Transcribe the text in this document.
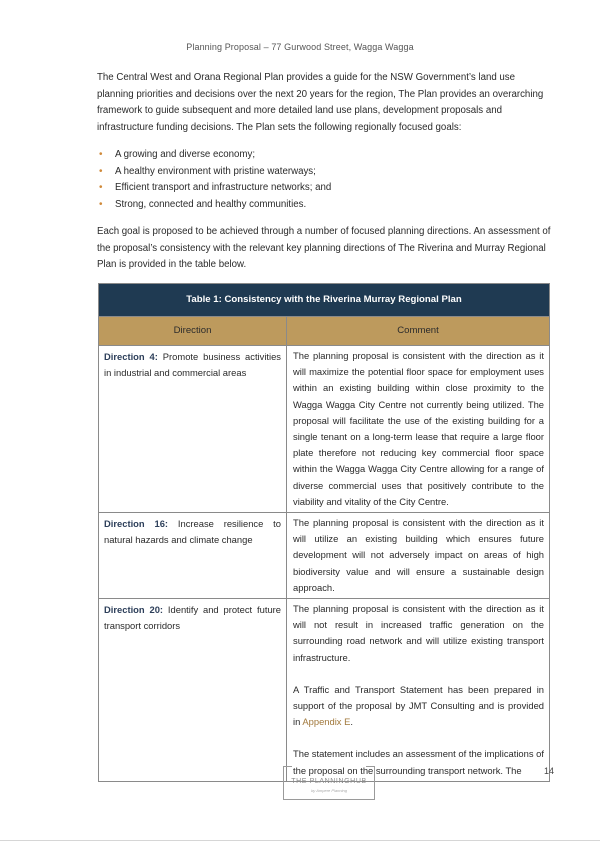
Planning Proposal – 77 Gurwood Street, Wagga Wagga
The Central West and Orana Regional Plan provides a guide for the NSW Government’s land use planning priorities and decisions over the next 20 years for the region, The Plan provides an overarching framework to guide subsequent and more detailed land use plans, development proposals and infrastructure funding decisions. The Plan sets the following regionally focused goals:
• A growing and diverse economy;
• A healthy environment with pristine waterways;
• Efficient transport and infrastructure networks; and
• Strong, connected and healthy communities.
Each goal is proposed to be achieved through a number of focused planning directions. An assessment of the proposal’s consistency with the relevant key planning directions of The Riverina and Murray Regional Plan is provided in the table below.
Table 1: Consistency with the Riverina Murray Regional Plan	
Direction	Comment
Direction 4: Promote business activities in industrial and commercial areas	The planning proposal is consistent with the direction as it will maximize the potential floor space for employment uses within an existing building within close proximity to the Wagga Wagga City Centre not currently being utilized. The proposal will facilitate the use of the existing building for a single tenant on a long-term lease that require a large floor plate therefore not reducing key commercial floor space within the Wagga Wagga City Centre allowing for a range of diverse commercial uses that positively contribute to the viability and vitality of the City Centre.

Direction 16: Increase resilience to natural hazards and climate change	The planning proposal is consistent with the direction as it will utilize an existing building which ensures future development will not adversely impact on areas of high biodiversity value and will ensure a sustainable design approach.

Direction 20: Identify and protect future transport corridors	The planning proposal is consistent with the direction as it will not result in increased traffic generation on the surrounding road network and will utilize existing transport infrastructure.

A Traffic and Transport Statement has been prepared in support of the proposal by JMT Consulting and is provided in Appendix E.

The statement includes an assessment of the implications of the proposal on the surrounding transport network. The

THE PLANNINGHUB
by Ampere Planning
14
